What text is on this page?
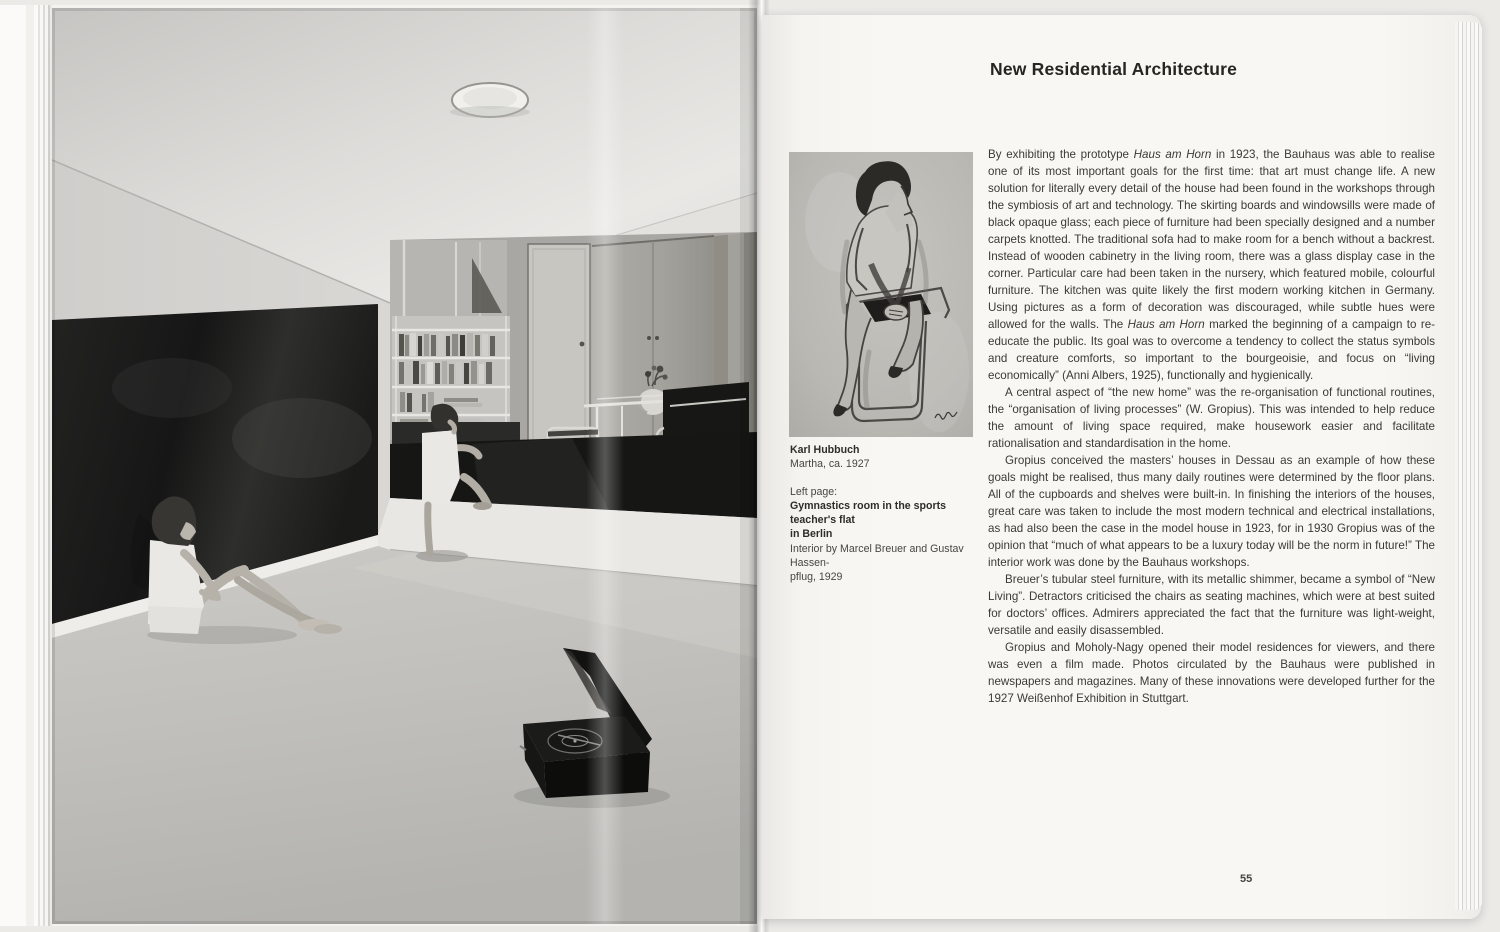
New Residential Architecture
Karl Hubbuch
Martha, ca. 1927
Left page:
Gymnastics room in the sports teacher's flat
in Berlin
Interior by Marcel Breuer and Gustav Hassen-
pflug, 1929

By exhibiting the prototype Haus am Horn in 1923, the Bauhaus was able to realise one of its most important goals for the first time: that art must change life. A new solution for literally every detail of the house had been found in the workshops through the symbiosis of art and technology. The skirting boards and windowsills were made of black opaque glass; each piece of furniture had been specially designed and a number carpets knotted. The traditional sofa had to make room for a bench without a backrest. Instead of wooden cabinetry in the living room, there was a glass display case in the corner. Particular care had been taken in the nursery, which featured mobile, colourful furniture. The kitchen was quite likely the first modern working kitchen in Germany. Using pictures as a form of decoration was discouraged, while subtle hues were allowed for the walls. The Haus am Horn marked the beginning of a campaign to re-educate the public. Its goal was to overcome a tendency to collect the status symbols and creature comforts, so important to the bourgeoisie, and focus on “living economically” (Anni Albers, 1925), functionally and hygienically.

A central aspect of “the new home” was the re-organisation of functional routines, the “organisation of living processes” (W. Gropius). This was intended to help reduce the amount of living space required, make housework easier and facilitate rationalisation and standardisation in the home.

Gropius conceived the masters’ houses in Dessau as an example of how these goals might be realised, thus many daily routines were determined by the floor plans. All of the cupboards and shelves were built-in. In finishing the interiors of the houses, great care was taken to include the most modern technical and electrical installations, as had also been the case in the model house in 1923, for in 1930 Gropius was of the opinion that “much of what appears to be a luxury today will be the norm in future!” The interior work was done by the Bauhaus workshops.

Breuer’s tubular steel furniture, with its metallic shimmer, became a symbol of “New Living”. Detractors criticised the chairs as seating machines, which were at best suited for doctors’ offices. Admirers appreciated the fact that the furniture was light-weight, versatile and easily disassembled.

Gropius and Moholy-Nagy opened their model residences for viewers, and there was even a film made. Photos circulated by the Bauhaus were published in newspapers and magazines. Many of these innovations were developed further for the 1927 Weißenhof Exhibition in Stuttgart.

55
